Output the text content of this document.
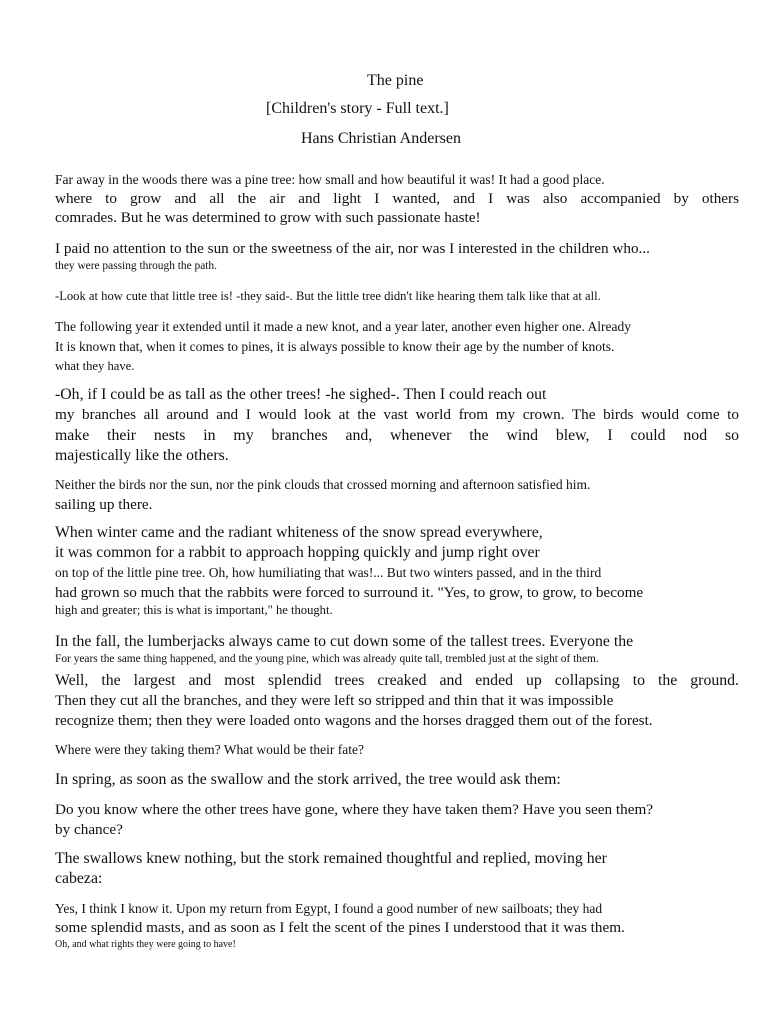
The pine
[Children's story - Full text.]
Hans Christian Andersen
Far away in the woods there was a pine tree: how small and how beautiful it was! It had a good place.
where to grow and all the air and light I wanted, and I was also accompanied by others
comrades. But he was determined to grow with such passionate haste!
I paid no attention to the sun or the sweetness of the air, nor was I interested in the children who...
they were passing through the path.
-Look at how cute that little tree is! -they said-. But the little tree didn't like hearing them talk like that at all.
The following year it extended until it made a new knot, and a year later, another even higher one. Already
It is known that, when it comes to pines, it is always possible to know their age by the number of knots.
what they have.
-Oh, if I could be as tall as the other trees! -he sighed-. Then I could reach out
my branches all around and I would look at the vast world from my crown. The birds would come to
make their nests in my branches and, whenever the wind blew, I could nod so
majestically like the others.
Neither the birds nor the sun, nor the pink clouds that crossed morning and afternoon satisfied him.
sailing up there.
When winter came and the radiant whiteness of the snow spread everywhere,
it was common for a rabbit to approach hopping quickly and jump right over
on top of the little pine tree. Oh, how humiliating that was!... But two winters passed, and in the third
had grown so much that the rabbits were forced to surround it. "Yes, to grow, to grow, to become
high and greater; this is what is important," he thought.
In the fall, the lumberjacks always came to cut down some of the tallest trees. Everyone the
For years the same thing happened, and the young pine, which was already quite tall, trembled just at the sight of them.
Well, the largest and most splendid trees creaked and ended up collapsing to the ground.
Then they cut all the branches, and they were left so stripped and thin that it was impossible
recognize them; then they were loaded onto wagons and the horses dragged them out of the forest.
Where were they taking them? What would be their fate?
In spring, as soon as the swallow and the stork arrived, the tree would ask them:
Do you know where the other trees have gone, where they have taken them? Have you seen them?
by chance?
The swallows knew nothing, but the stork remained thoughtful and replied, moving her
cabeza:
Yes, I think I know it. Upon my return from Egypt, I found a good number of new sailboats; they had
some splendid masts, and as soon as I felt the scent of the pines I understood that it was them.
Oh, and what rights they were going to have!
